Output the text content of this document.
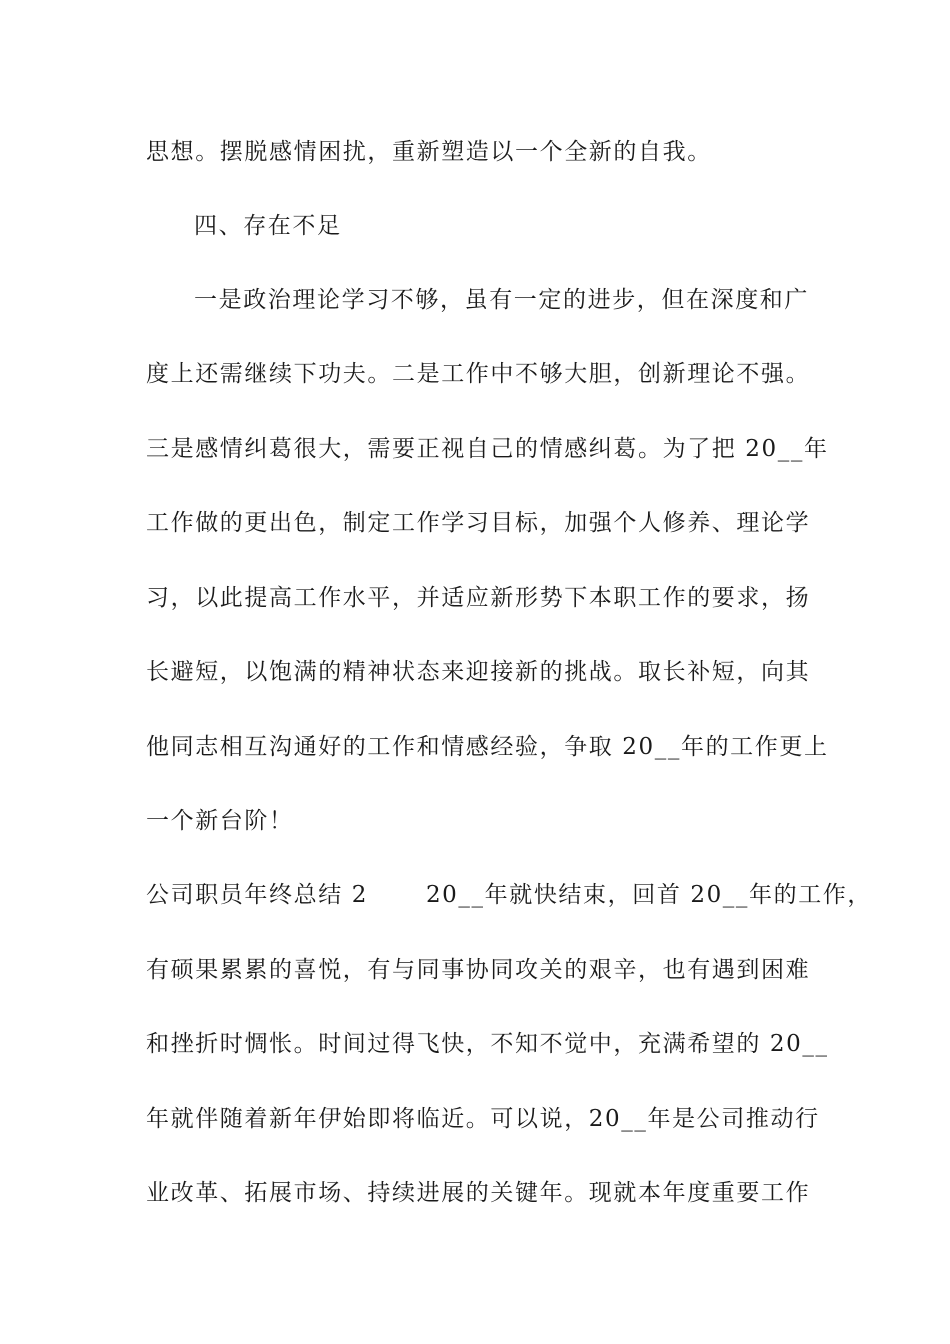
思想。摆脱感情困扰，重新塑造以一个全新的自我。
四、存在不足
一是政治理论学习不够，虽有一定的进步，但在深度和广
度上还需继续下功夫。二是工作中不够大胆，创新理论不强。
三是感情纠葛很大，需要正视自己的情感纠葛。为了把 20__年
工作做的更出色，制定工作学习目标，加强个人修养、理论学
习，以此提高工作水平，并适应新形势下本职工作的要求，扬
长避短，以饱满的精神状态来迎接新的挑战。取长补短，向其
他同志相互沟通好的工作和情感经验，争取 20__年的工作更上
一个新台阶！
公司职员年终总结 2	20__年就快结束，回首 20__年的工作，
有硕果累累的喜悦，有与同事协同攻关的艰辛，也有遇到困难
和挫折时惆怅。时间过得飞快，不知不觉中，充满希望的 20__
年就伴随着新年伊始即将临近。可以说，20__年是公司推动行
业改革、拓展市场、持续进展的关键年。现就本年度重要工作
